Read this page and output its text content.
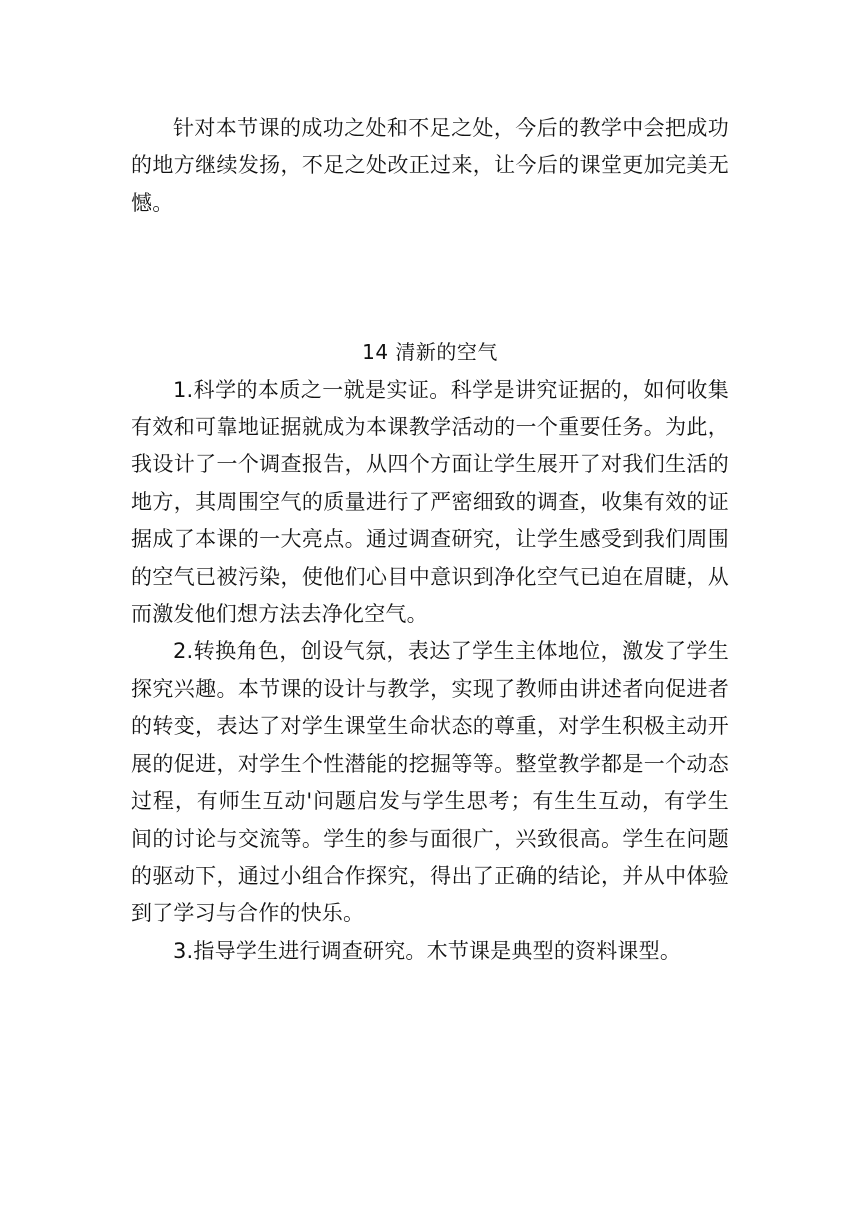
针对本节课的成功之处和不足之处，今后的教学中会把成功的地方继续发扬，不足之处改正过来，让今后的课堂更加完美无憾。

14 清新的空气

1.科学的本质之一就是实证。科学是讲究证据的，如何收集有效和可靠地证据就成为本课教学活动的一个重要任务。为此，我设计了一个调查报告，从四个方面让学生展开了对我们生活的地方，其周围空气的质量进行了严密细致的调查，收集有效的证据成了本课的一大亮点。通过调查研究，让学生感受到我们周围的空气已被污染，使他们心目中意识到净化空气已迫在眉睫，从而激发他们想方法去净化空气。

2.转换角色，创设气氛，表达了学生主体地位，激发了学生探究兴趣。本节课的设计与教学，实现了教师由讲述者向促进者的转变，表达了对学生课堂生命状态的尊重，对学生积极主动开展的促进，对学生个性潜能的挖掘等等。整堂教学都是一个动态过程，有师生互动'问题启发与学生思考；有生生互动，有学生间的讨论与交流等。学生的参与面很广，兴致很高。学生在问题的驱动下，通过小组合作探究，得出了正确的结论，并从中体验到了学习与合作的快乐。

3.指导学生进行调查研究。木节课是典型的资料课型。
